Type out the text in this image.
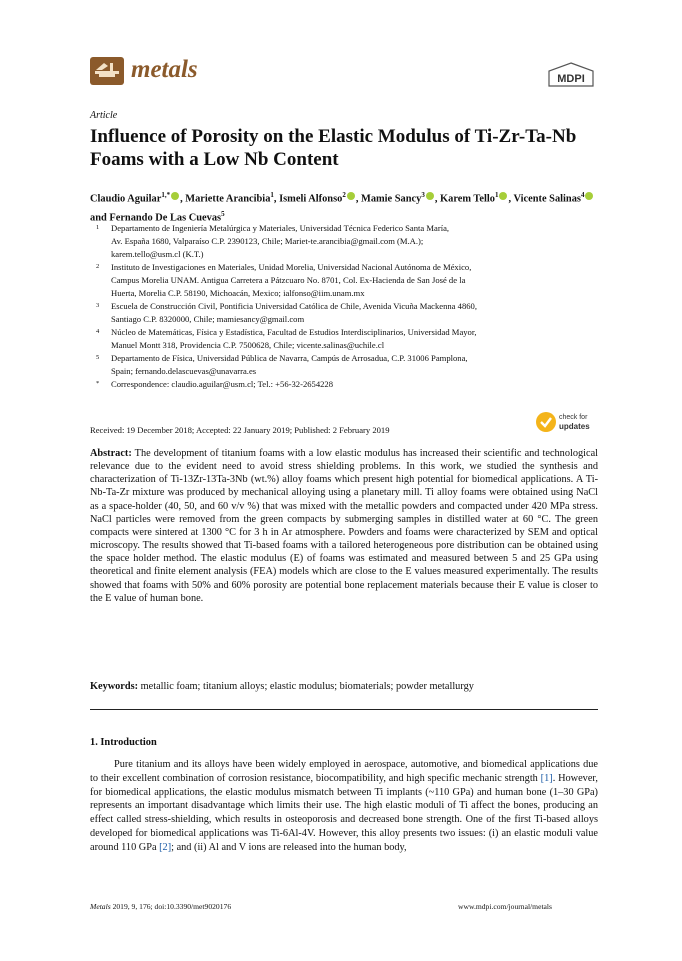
metals	MDPI
Article
Influence of Porosity on the Elastic Modulus of Ti-Zr-Ta-Nb Foams with a Low Nb Content
Claudio Aguilar$^{1,*}$ , Mariette Arancibia$^1$, Ismeli Alfonso$^2$ , Mamie Sancy$^3$ , Karem Tello$^1$ , Vicente Salinas$^4$ and Fernando De Las Cuevas$^5$
1 Departamento de Ingeniería Metalúrgica y Materiales, Universidad Técnica Federico Santa María,
Av. España 1680, Valparaíso C.P. 2390123, Chile; Mariet-te.arancibia@gmail.com (M.A.);
karem.tello@usm.cl (K.T.)
2 Instituto de Investigaciones en Materiales, Unidad Morelia, Universidad Nacional Autónoma de México,
Campus Morelia UNAM. Antigua Carretera a Pátzcuaro No. 8701, Col. Ex-Hacienda de San José de la
Huerta, Morelia C.P. 58190, Michoacán, Mexico; ialfonso@iim.unam.mx
3 Escuela de Construcción Civil, Pontificia Universidad Católica de Chile, Avenida Vicuña Mackenna 4860,
Santiago C.P. 8320000, Chile; mamiesancy@gmail.com
4 Núcleo de Matemáticas, Física y Estadística, Facultad de Estudios Interdisciplinarios, Universidad Mayor,
Manuel Montt 318, Providencia C.P. 7500628, Chile; vicente.salinas@uchile.cl
5 Departamento de Física, Universidad Pública de Navarra, Campús de Arrosadua, C.P. 31006 Pamplona,
Spain; fernando.delascuevas@unavarra.es
* Correspondence: claudio.aguilar@usm.cl; Tel.: +56-32-2654228
Received: 19 December 2018; Accepted: 22 January 2019; Published: 2 February 2019
check for
updates
Abstract: The development of titanium foams with a low elastic modulus has increased their scientific and technological relevance due to the evident need to avoid stress shielding problems. In this work, we studied the synthesis and characterization of Ti-13Zr-13Ta-3Nb (wt.%) alloy foams which present high potential for biomedical applications. A Ti-Nb-Ta-Zr mixture was produced by mechanical alloying using a planetary mill. Ti alloy foams were obtained using NaCl as a space-holder (40, 50, and 60 v/v %) that was mixed with the metallic powders and compacted under 420 MPa stress. NaCl particles were removed from the green compacts by submerging samples in distilled water at 60 °C. The green compacts were sintered at 1300 °C for 3 h in Ar atmosphere. Powders and foams were characterized by SEM and optical microscopy. The results showed that Ti-based foams with a tailored heterogeneous pore distribution can be obtained using the space holder method. The elastic modulus (E) of foams was estimated and measured between 5 and 25 GPa using theoretical and finite element analysis (FEA) models which are close to the E values measured experimentally. The results showed that foams with 50% and 60% porosity are potential bone replacement materials because their E value is closer to the E value of human bone.
Keywords: metallic foam; titanium alloys; elastic modulus; biomaterials; powder metallurgy
1. Introduction
Pure titanium and its alloys have been widely employed in aerospace, automotive, and biomedical applications due to their excellent combination of corrosion resistance, biocompatibility, and high specific mechanic strength [1]. However, for biomedical applications, the elastic modulus mismatch between Ti implants (~110 GPa) and human bone (1–30 GPa) represents an important disadvantage which limits their use. The high elastic moduli of Ti affect the bones, producing an effect called stress-shielding, which results in osteoporosis and decreased bone strength. One of the first Ti-based alloys developed for biomedical applications was Ti-6Al-4V. However, this alloy presents two issues: (i) an elastic moduli value around 110 GPa [2]; and (ii) Al and V ions are released into the human body,
Metals 2019, 9, 176; doi:10.3390/met9020176	www.mdpi.com/journal/metals
